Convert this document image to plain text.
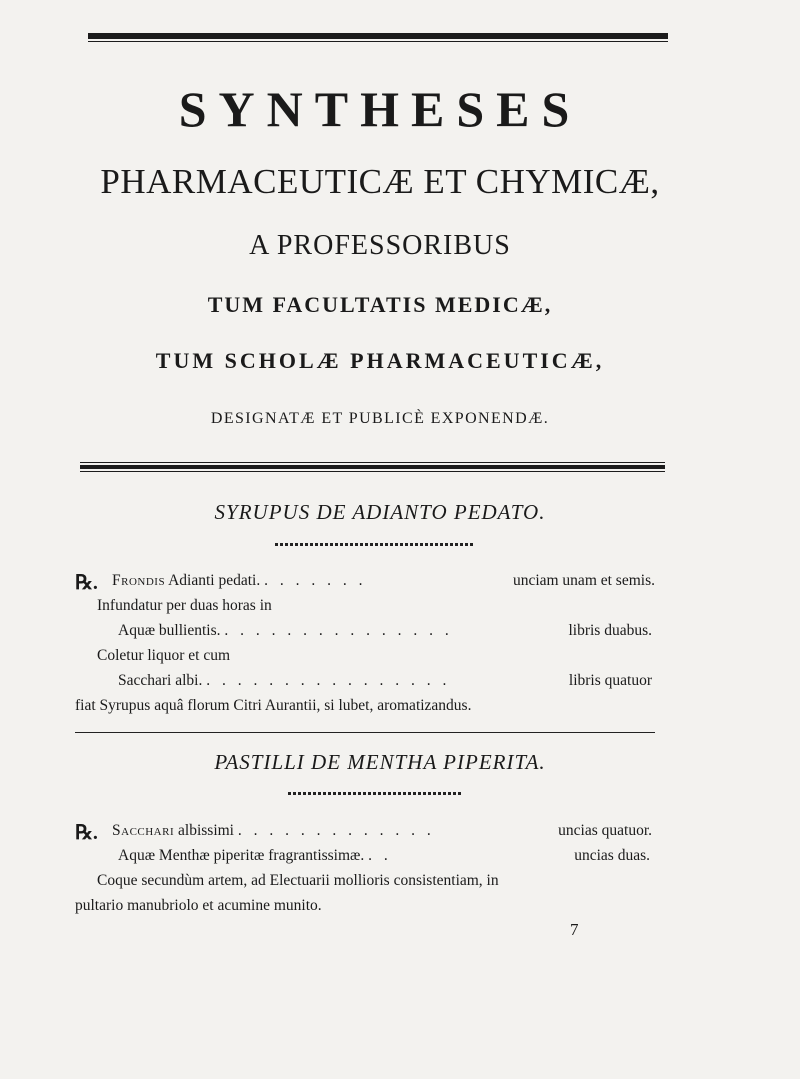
SYNTHESES
PHARMACEUTICÆ ET CHYMICÆ,
A PROFESSORIBUS
TUM FACULTATIS MEDICÆ,
TUM SCHOLÆ PHARMACEUTICÆ,
DESIGNATÆ ET PUBLICÈ EXPONENDÆ.
SYRUPUS DE ADIANTO PEDATO.
℞. Frondis Adianti pedati. . . . . . . .	unciam unam et semis.
Infundatur per duas horas in
Aquæ bullientis. . . . . . . . . . . . . . . .	libris duabus.
Coletur liquor et cum
Sacchari albi. . . . . . . . . . . . . . . . .	libris quatuor
fiat Syrupus aquâ florum Citri Aurantii, si lubet, aromatizandus.
PASTILLI DE MENTHA PIPERITA.
℞. Sacchari albissimi . . . . . . . . . . . . .	uncias quatuor.
Aquæ Menthæ piperitæ fragrantissimæ. . .	uncias duas.
Coque secundùm artem, ad Electuarii mollioris consistentiam, in
pultario manubriolo et acumine munito.
7
